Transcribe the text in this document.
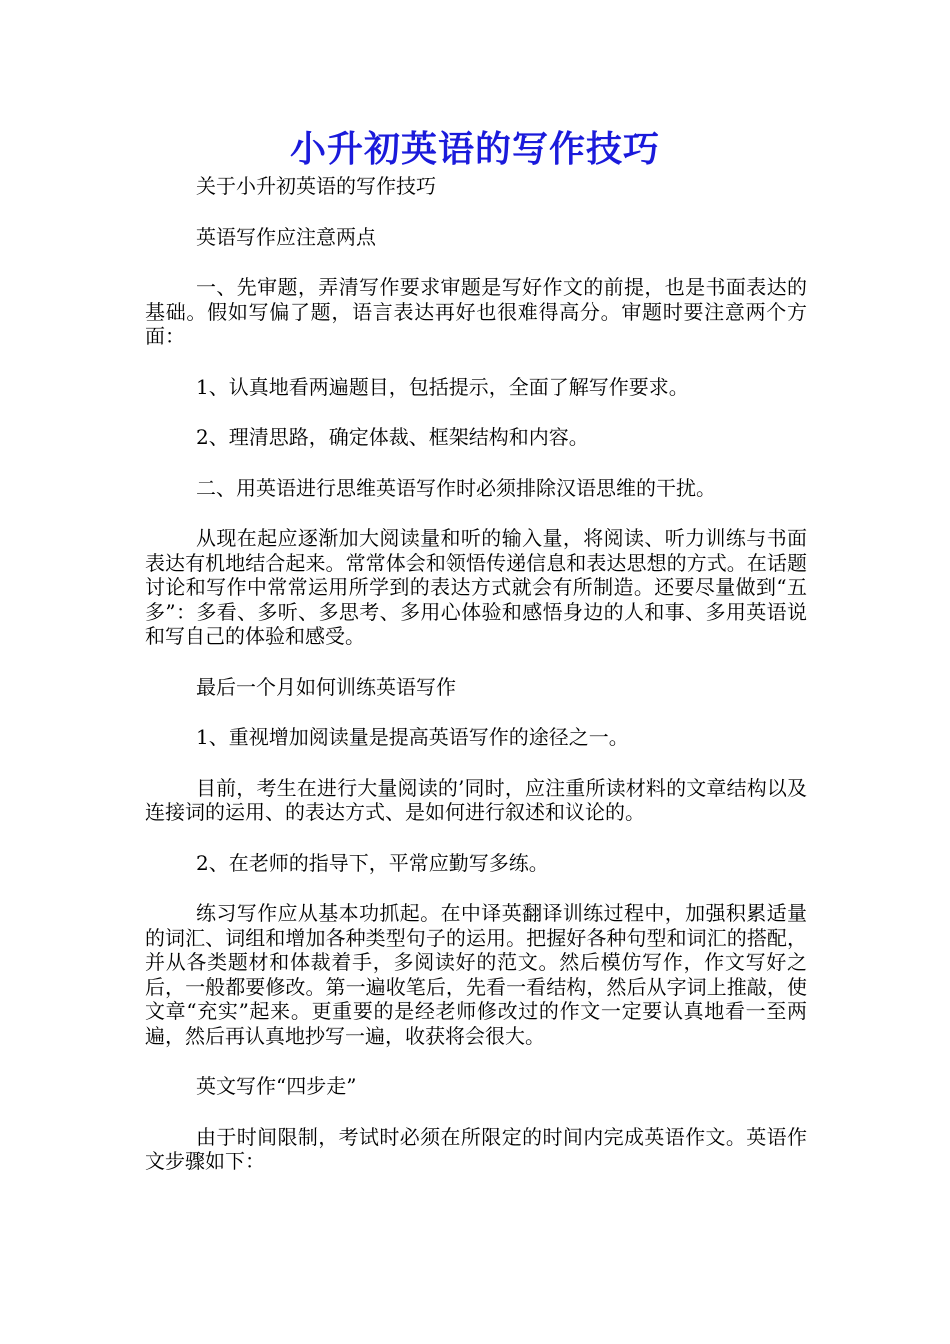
小升初英语的写作技巧

关于小升初英语的写作技巧

英语写作应注意两点

一、先审题，弄清写作要求审题是写好作文的前提，也是书面表达的基础。假如写偏了题，语言表达再好也很难得高分。审题时要注意两个方面：

1、认真地看两遍题目，包括提示，全面了解写作要求。

2、理清思路，确定体裁、框架结构和内容。

二、用英语进行思维英语写作时必须排除汉语思维的干扰。

从现在起应逐渐加大阅读量和听的输入量，将阅读、听力训练与书面表达有机地结合起来。常常体会和领悟传递信息和表达思想的方式。在话题讨论和写作中常常运用所学到的表达方式就会有所制造。还要尽量做到“五多”：多看、多听、多思考、多用心体验和感悟身边的人和事、多用英语说和写自己的体验和感受。

最后一个月如何训练英语写作

1、重视增加阅读量是提高英语写作的途径之一。

目前，考生在进行大量阅读的’同时，应注重所读材料的文章结构以及连接词的运用、的表达方式、是如何进行叙述和议论的。

2、在老师的指导下，平常应勤写多练。

练习写作应从基本功抓起。在中译英翻译训练过程中，加强积累适量的词汇、词组和增加各种类型句子的运用。把握好各种句型和词汇的搭配，并从各类题材和体裁着手，多阅读好的范文。然后模仿写作，作文写好之后，一般都要修改。第一遍收笔后，先看一看结构，然后从字词上推敲，使文章“充实”起来。更重要的是经老师修改过的作文一定要认真地看一至两遍，然后再认真地抄写一遍，收获将会很大。

英文写作“四步走”

由于时间限制，考试时必须在所限定的时间内完成英语作文。英语作文步骤如下：
